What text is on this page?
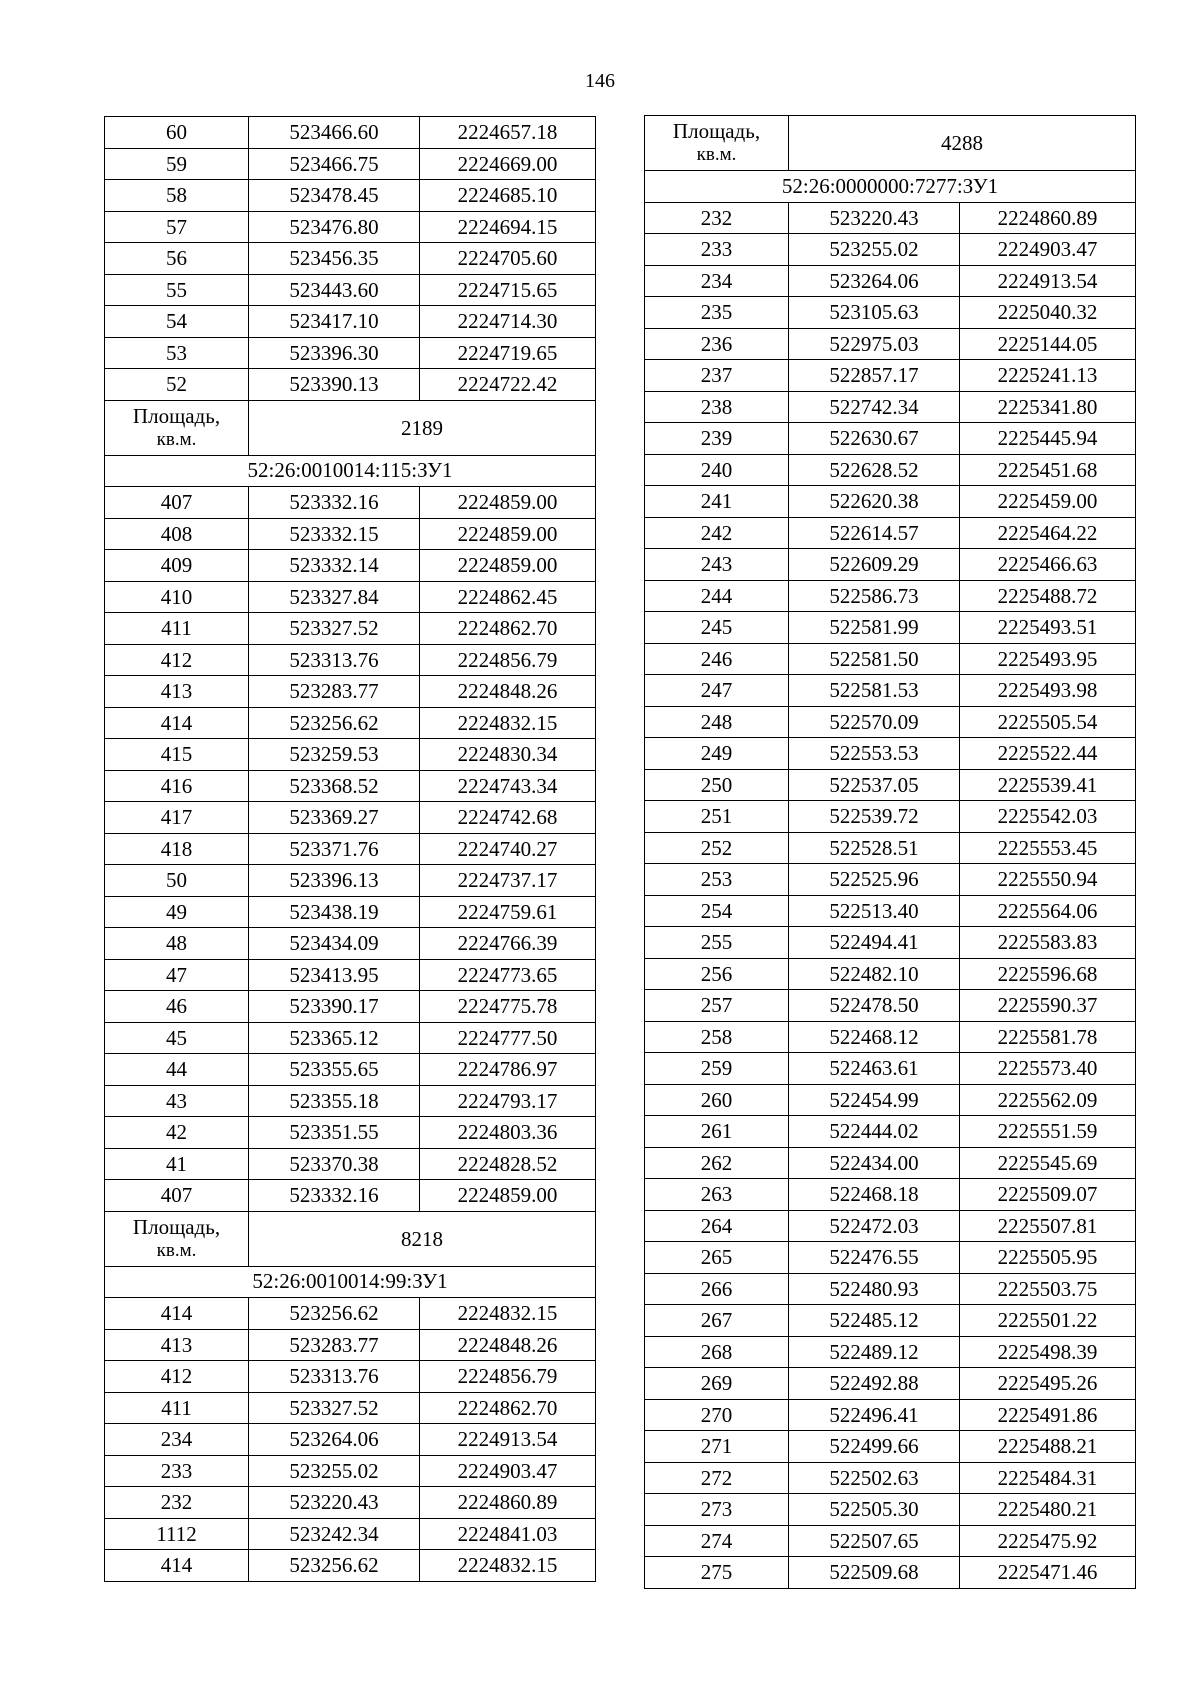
146
60	523466.60	2224657.18
59	523466.75	2224669.00
58	523478.45	2224685.10
57	523476.80	2224694.15
56	523456.35	2224705.60
55	523443.60	2224715.65
54	523417.10	2224714.30
53	523396.30	2224719.65
52	523390.13	2224722.42

Площадь,
кв.м.	2189	
52:26:0010014:115:ЗУ1		
407	523332.16	2224859.00
408	523332.15	2224859.00
409	523332.14	2224859.00
410	523327.84	2224862.45
411	523327.52	2224862.70
412	523313.76	2224856.79
413	523283.77	2224848.26
414	523256.62	2224832.15
415	523259.53	2224830.34
416	523368.52	2224743.34
417	523369.27	2224742.68
418	523371.76	2224740.27
50	523396.13	2224737.17
49	523438.19	2224759.61
48	523434.09	2224766.39
47	523413.95	2224773.65
46	523390.17	2224775.78
45	523365.12	2224777.50
44	523355.65	2224786.97
43	523355.18	2224793.17
42	523351.55	2224803.36
41	523370.38	2224828.52
407	523332.16	2224859.00

Площадь,
кв.м.	8218	
52:26:0010014:99:ЗУ1		
414	523256.62	2224832.15
413	523283.77	2224848.26
412	523313.76	2224856.79
411	523327.52	2224862.70
234	523264.06	2224913.54
233	523255.02	2224903.47
232	523220.43	2224860.89
1112	523242.34	2224841.03
414	523256.62	2224832.15
Площадь,
кв.м.	4288	
52:26:0000000:7277:ЗУ1		
232	523220.43	2224860.89
233	523255.02	2224903.47
234	523264.06	2224913.54
235	523105.63	2225040.32
236	522975.03	2225144.05
237	522857.17	2225241.13
238	522742.34	2225341.80
239	522630.67	2225445.94
240	522628.52	2225451.68
241	522620.38	2225459.00
242	522614.57	2225464.22
243	522609.29	2225466.63
244	522586.73	2225488.72
245	522581.99	2225493.51
246	522581.50	2225493.95
247	522581.53	2225493.98
248	522570.09	2225505.54
249	522553.53	2225522.44
250	522537.05	2225539.41
251	522539.72	2225542.03
252	522528.51	2225553.45
253	522525.96	2225550.94
254	522513.40	2225564.06
255	522494.41	2225583.83
256	522482.10	2225596.68
257	522478.50	2225590.37
258	522468.12	2225581.78
259	522463.61	2225573.40
260	522454.99	2225562.09
261	522444.02	2225551.59
262	522434.00	2225545.69
263	522468.18	2225509.07
264	522472.03	2225507.81
265	522476.55	2225505.95
266	522480.93	2225503.75
267	522485.12	2225501.22
268	522489.12	2225498.39
269	522492.88	2225495.26
270	522496.41	2225491.86
271	522499.66	2225488.21
272	522502.63	2225484.31
273	522505.30	2225480.21
274	522507.65	2225475.92
275	522509.68	2225471.46
